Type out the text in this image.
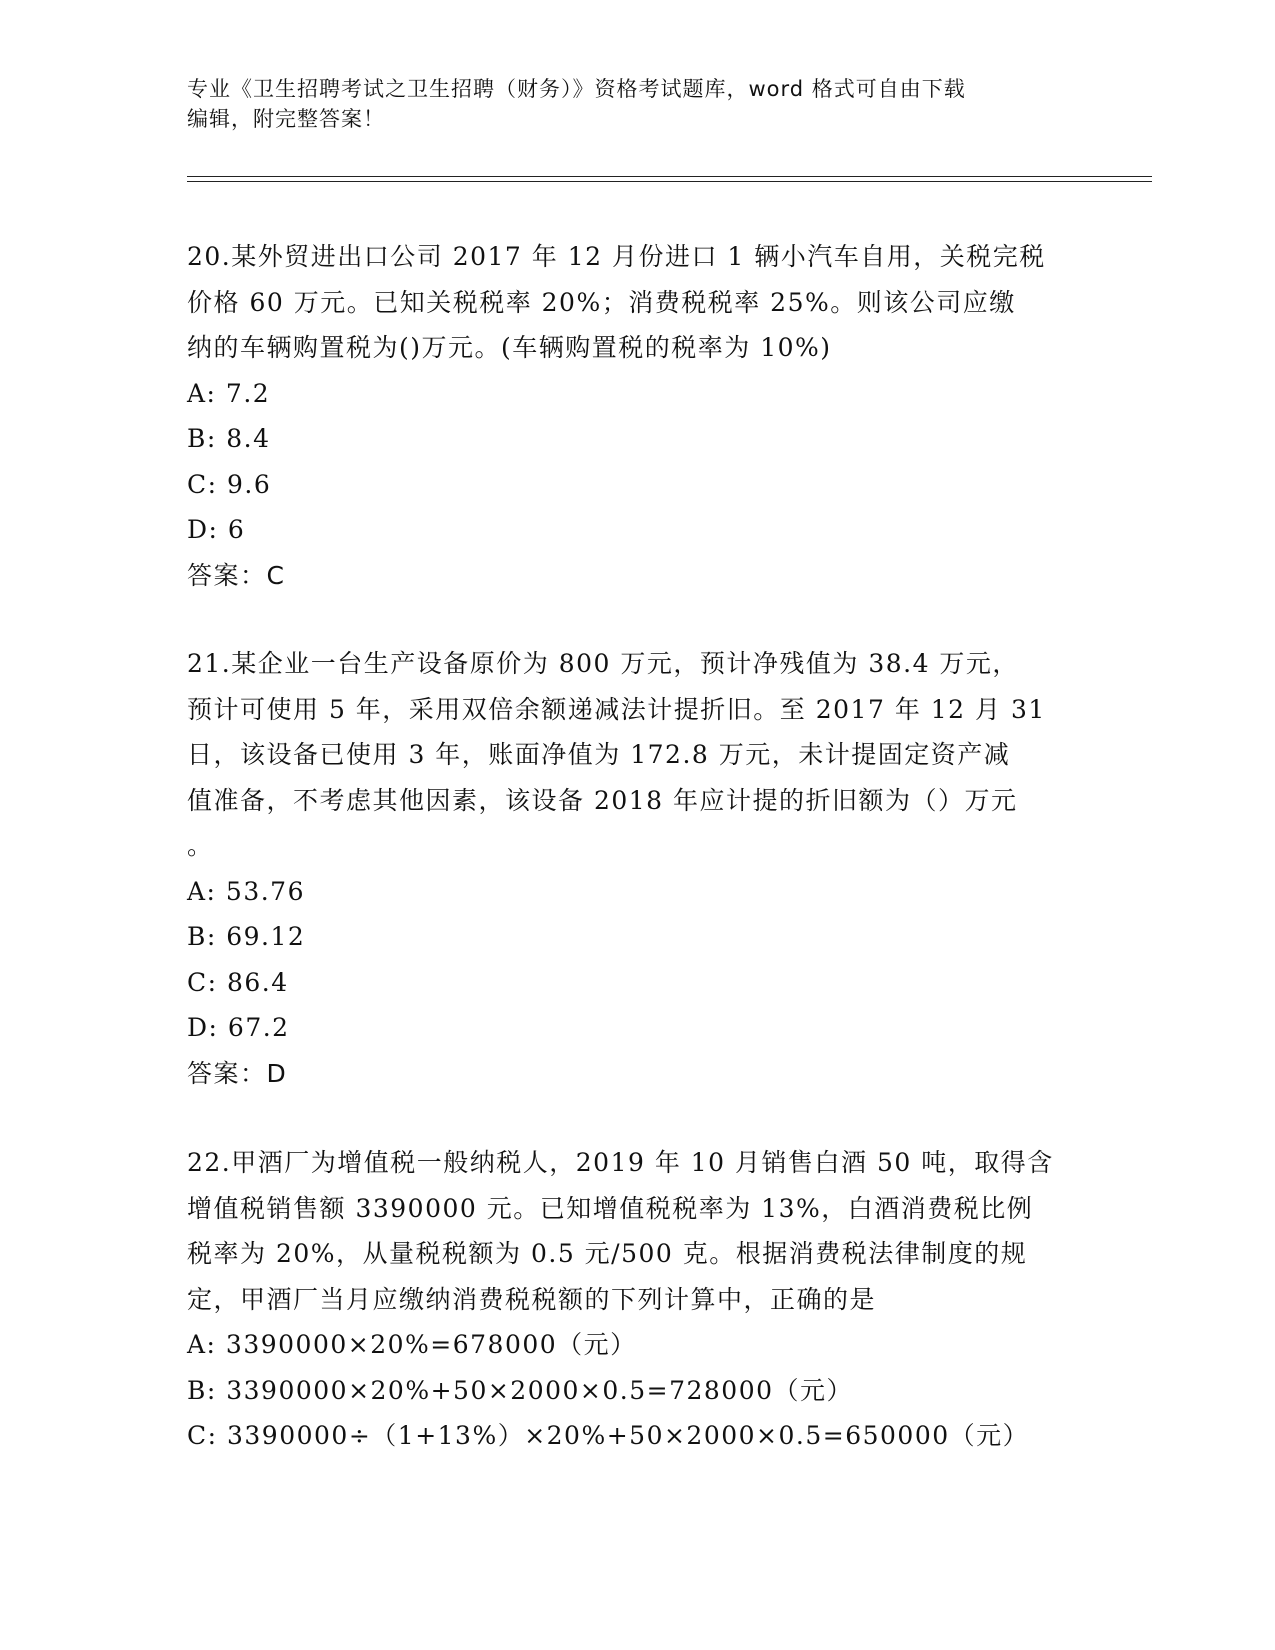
专业《卫生招聘考试之卫生招聘（财务）》资格考试题库，word 格式可自由下载
编辑，附完整答案！

20.某外贸进出口公司 2017 年 12 月份进口 1 辆小汽车自用，关税完税

价格 60 万元。已知关税税率 20%；消费税税率 25%。则该公司应缴

纳的车辆购置税为()万元。(车辆购置税的税率为 10%)

A: 7.2

B: 8.4

C: 9.6

D: 6

答案：C

21.某企业一台生产设备原价为 800 万元，预计净残值为 38.4 万元，

预计可使用 5 年，采用双倍余额递减法计提折旧。至 2017 年 12 月 31

日，该设备已使用 3 年，账面净值为 172.8 万元，未计提固定资产减

值准备，不考虑其他因素，该设备 2018 年应计提的折旧额为（）万元

。

A: 53.76

B: 69.12

C: 86.4

D: 67.2

答案：D

22.甲酒厂为增值税一般纳税人，2019 年 10 月销售白酒 50 吨，取得含

增值税销售额 3390000 元。已知增值税税率为 13%，白酒消费税比例

税率为 20%，从量税税额为 0.5 元/500 克。根据消费税法律制度的规

定，甲酒厂当月应缴纳消费税税额的下列计算中，正确的是

A: 3390000×20%=678000（元）

B: 3390000×20%+50×2000×0.5=728000（元）

C: 3390000÷（1+13%）×20%+50×2000×0.5=650000（元）
